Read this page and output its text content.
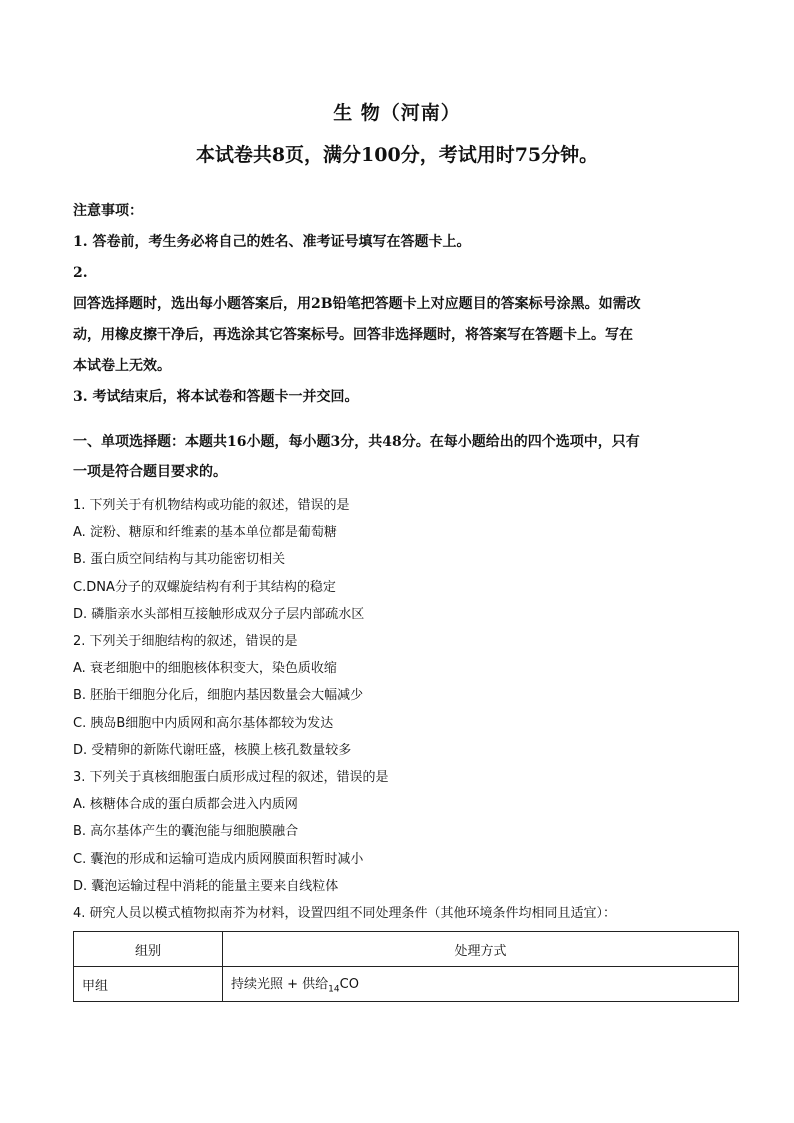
生 物（河南）
本试卷共8页，满分100分，考试用时75分钟。
注意事项：
1. 答卷前，考生务必将自己的姓名、准考证号填写在答题卡上。
2.
回答选择题时，选出每小题答案后，用2B铅笔把答题卡上对应题目的答案标号涂黑。如需改
动，用橡皮擦干净后，再选涂其它答案标号。回答非选择题时，将答案写在答题卡上。写在
本试卷上无效。
3. 考试结束后，将本试卷和答题卡一并交回。
一、单项选择题：本题共16小题，每小题3分，共48分。在每小题给出的四个选项中，只有
一项是符合题目要求的。
1. 下列关于有机物结构或功能的叙述，错误的是
A. 淀粉、糖原和纤维素的基本单位都是葡萄糖
B. 蛋白质空间结构与其功能密切相关
C.DNA分子的双螺旋结构有利于其结构的稳定
D. 磷脂亲水头部相互接触形成双分子层内部疏水区
2. 下列关于细胞结构的叙述，错误的是
A. 衰老细胞中的细胞核体积变大，染色质收缩
B. 胚胎干细胞分化后，细胞内基因数量会大幅减少
C. 胰岛B细胞中内质网和高尔基体都较为发达
D. 受精卵的新陈代谢旺盛，核膜上核孔数量较多
3. 下列关于真核细胞蛋白质形成过程的叙述，错误的是
A. 核糖体合成的蛋白质都会进入内质网
B. 高尔基体产生的囊泡能与细胞膜融合
C. 囊泡的形成和运输可造成内质网膜面积暂时减小
D. 囊泡运输过程中消耗的能量主要来自线粒体
4. 研究人员以模式植物拟南芥为材料，设置四组不同处理条件（其他环境条件均相同且适宜）：
组别	处理方式
甲组	持续光照 + 供给$_{14}$CO
